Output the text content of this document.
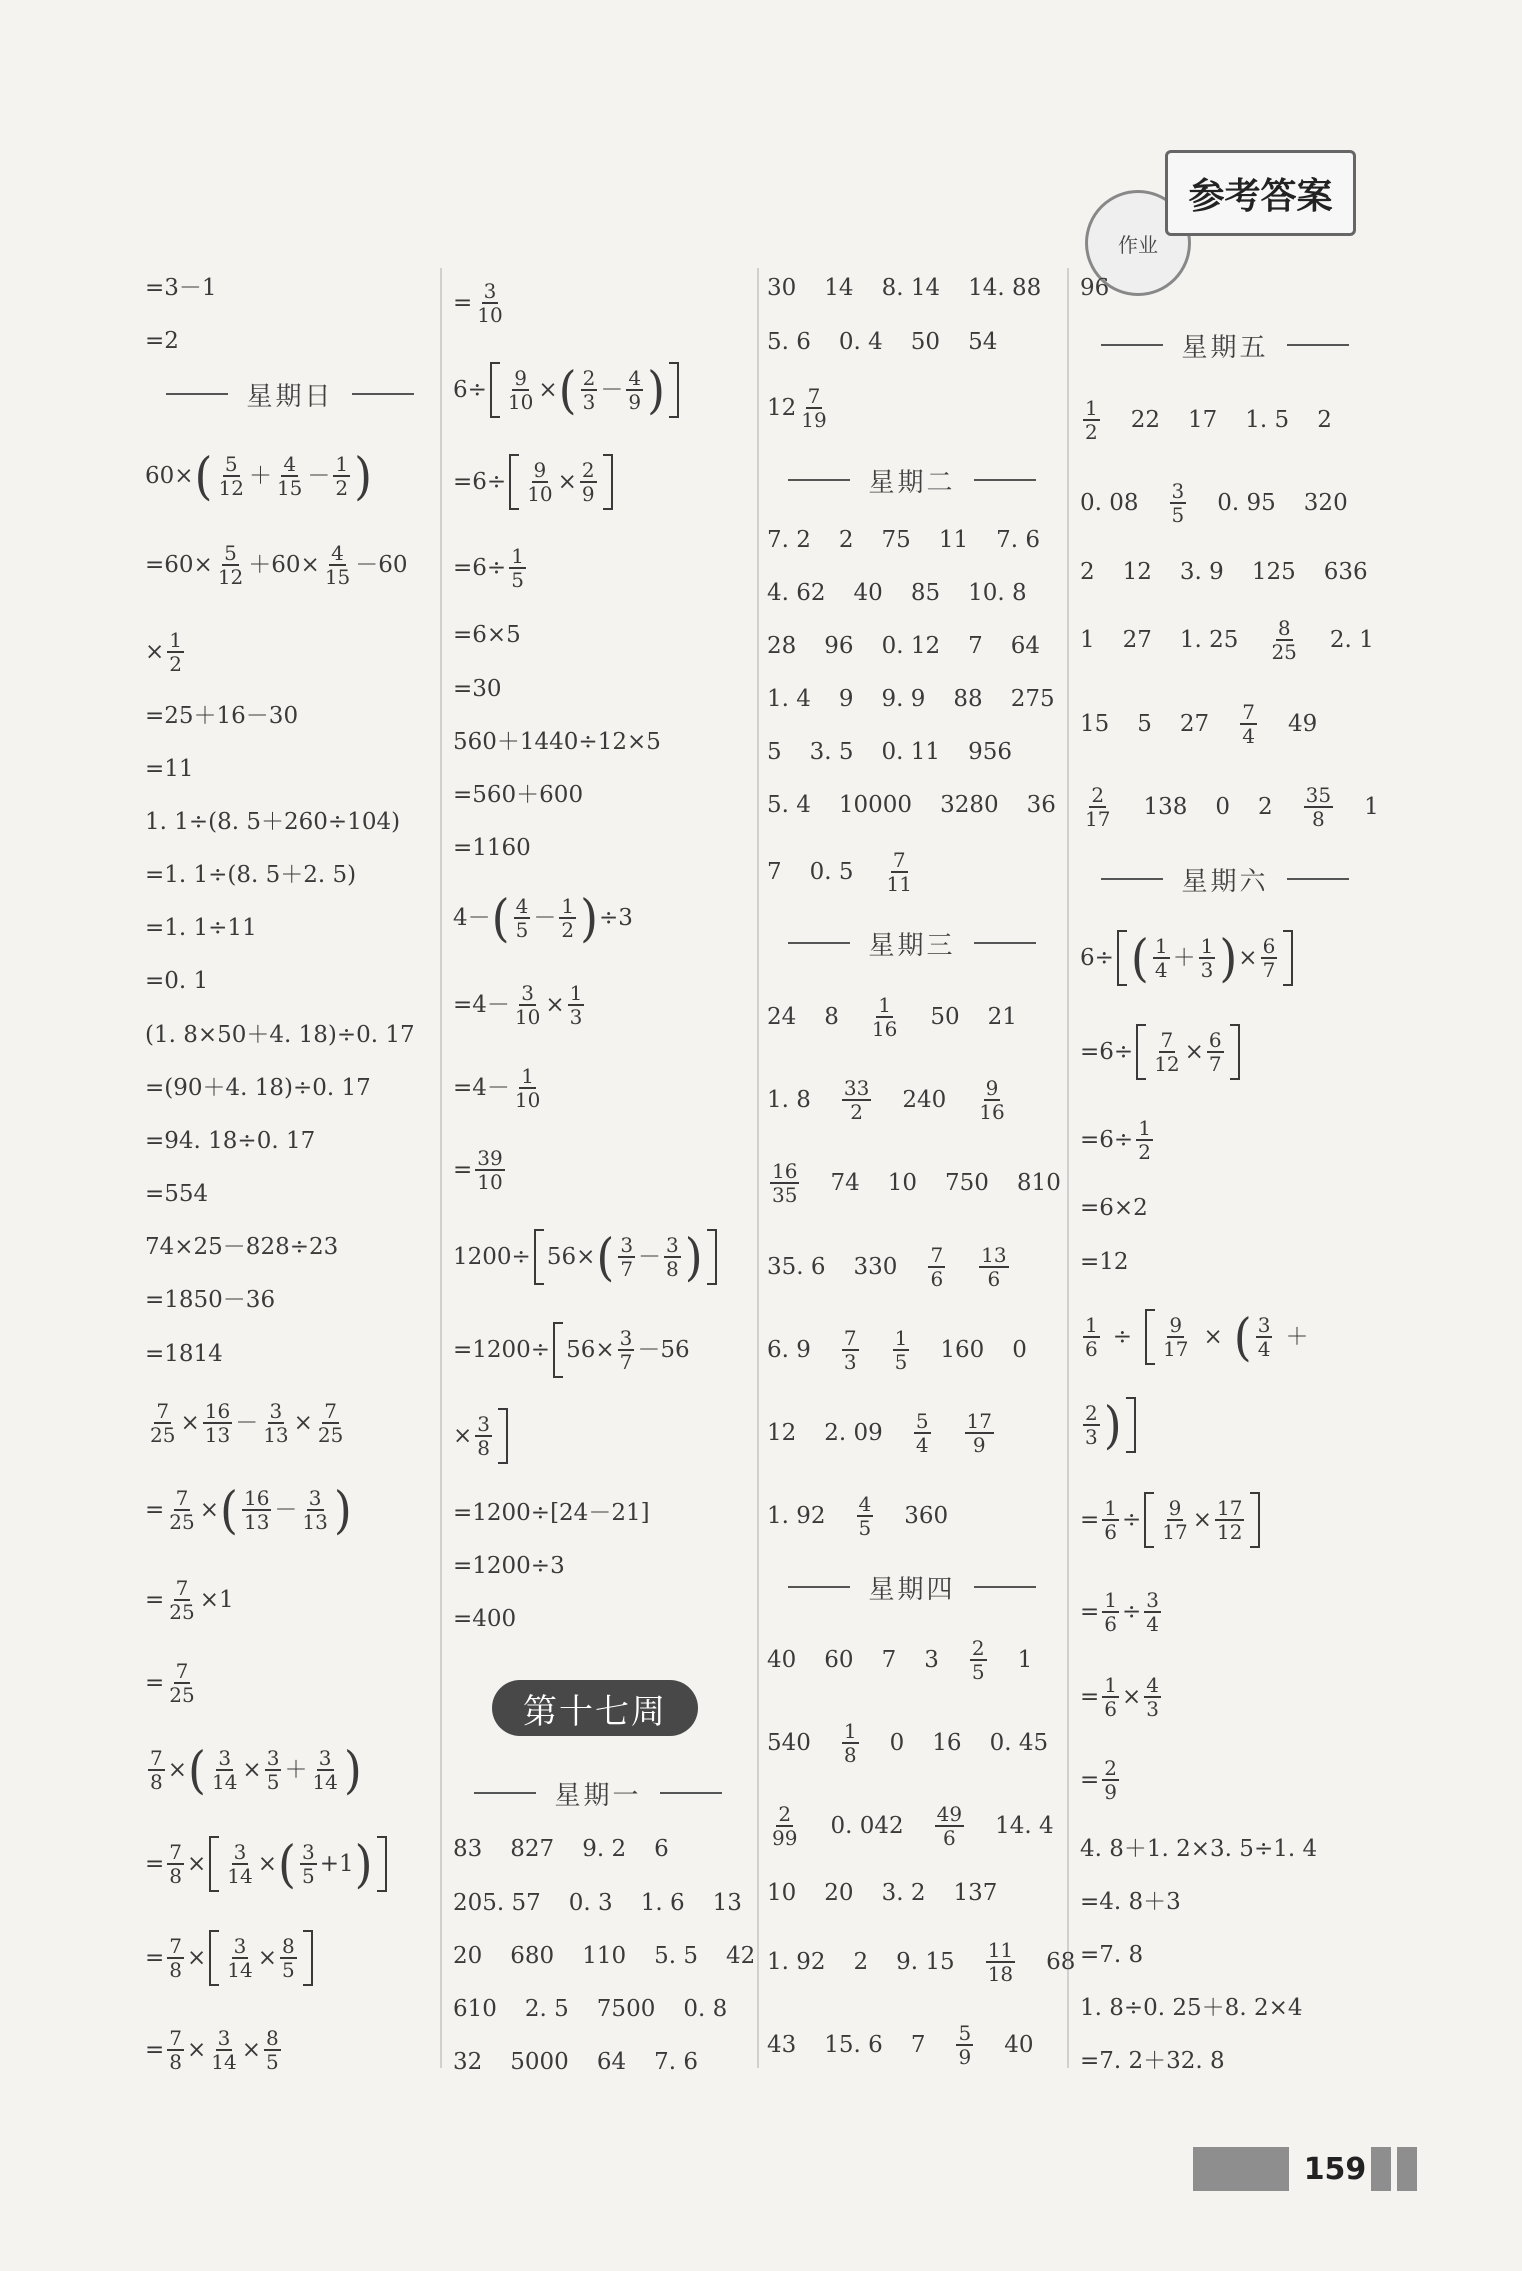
作业
参考答案
=3－1
=2
星期日
60× ( $\frac{5}{12} + \frac{4}{15} - \frac{1}{2}$ )
$=60\times \frac{5}{12} +60\times \frac{4}{15} -60$
× $\frac{1}{2}$
=25＋16－30
=11
1. 1÷(8. 5＋260÷104)
=1. 1÷(8. 5＋2. 5)
=1. 1÷11
=0. 1
(1. 8×50＋4. 18)÷0. 17
=(90＋4. 18)÷0. 17
=94. 18÷0. 17
=554
74×25－828÷23
=1850－36
=1814
$\frac{7}{25} \times \frac{16}{13} - \frac{3}{13} \times \frac{7}{25}$
= $\frac{7}{25}$ × ( $\frac{16}{13} - \frac{3}{13}$ )
= $\frac{7}{25} \times 1$
= $\frac{7}{25}$
$\frac{7}{8}$ × ( $\frac{3}{14} \times \frac{3}{5} + \frac{3}{14}$ )
= $\frac{7}{8} \times \frac{3}{14}$ × ( $\frac{3}{5} +1$ )
= $\frac{7}{8} \times \frac{3}{14} \times \frac{8}{5}$
= $\frac{7}{8} \times \frac{3}{14} \times \frac{8}{5}$
= $\frac{3}{10}$
$6\div \frac{9}{10}$ × ( $\frac{2}{3} - \frac{4}{9}$ )
$=6\div \frac{9}{10} \times \frac{2}{9}$
$=6\div \frac{1}{5}$
=6×5
=30
560＋1440÷12×5
=560＋600
=1160
4－ ( $\frac{4}{5} - \frac{1}{2}$ ) ÷3
$=4- \frac{3}{10} \times \frac{1}{3}$
$=4- \frac{1}{10}$
= $\frac{39}{10}$
1200÷ 56× ( $\frac{3}{7} - \frac{3}{8}$ )
$=1200\div 56\times \frac{3}{7} -56$
× $\frac{3}{8}$
=1200÷[24－21]
=1200÷3
=400
星期一
83 827 9. 2 6
205. 57 0. 3 1. 6 13
20 680 110 5. 5 42
610 2. 5 7500 0. 8
32 5000 64 7. 6
第十七周
30 14 8. 14 14. 88
5. 6 0. 4 50 54
$12 \frac{7}{19}$
星期二
7. 2 2 75 11 7. 6
4. 62 40 85 10. 8
28 96 0. 12 7 64
1. 4 9 9. 9 88 275
5 3. 5 0. 11 956
5. 4 10000 3280 36
7 0. $5 \frac{7}{11}$
星期三
24 $8 \frac{1}{16} 50$ 21
1. $8 \frac{33}{2} 240 \frac{9}{16}$
$\frac{16}{35} 74$ 10 750 810
35. 6 $330 \frac{7}{6} \frac{13}{6}$
6. $9 \frac{7}{3} \frac{1}{5} 160$ 0
12 2. $09 \frac{5}{4} \frac{17}{9}$
1. $92 \frac{4}{5} 360$
星期四
40 60 7 $3 \frac{2}{5} 1$
$540 \frac{1}{8} 0$ 16 0. 45
$\frac{2}{99} 0$. $042 \frac{49}{6} 14$. 4
10 20 3. 2 137
1. 92 2 9. $15 \frac{11}{18} 68$
43 15. 6 $7 \frac{5}{9} 40$
96
星期五
$\frac{1}{2} 22$ 17 1. 5 2
0. $08 \frac{3}{5} 0$. 95 320
2 12 3. 9 125 636
1 27 1. $25 \frac{8}{25} 2$. 1
15 5 $27 \frac{7}{4} 49$
$\frac{2}{17} 138$ 0 $2 \frac{35}{8} 1$
星期六
6÷ ( $\frac{1}{4} + \frac{1}{3}$ ) × $\frac{6}{7}$
$=6\div \frac{7}{12} \times \frac{6}{7}$
$=6\div \frac{1}{2}$
=6×2
=12
$\frac{1}{6} \div \frac{9}{17}$ × ( $\frac{3}{4}$ ＋
$\frac{2}{3}$ )
= $\frac{1}{6} \div \frac{9}{17} \times \frac{17}{12}$
= $\frac{1}{6} \div \frac{3}{4}$
= $\frac{1}{6} \times \frac{4}{3}$
= $\frac{2}{9}$
4. 8＋1. 2×3. 5÷1. 4
=4. 8＋3
=7. 8
1. 8÷0. 25＋8. 2×4
=7. 2＋32. 8
159
